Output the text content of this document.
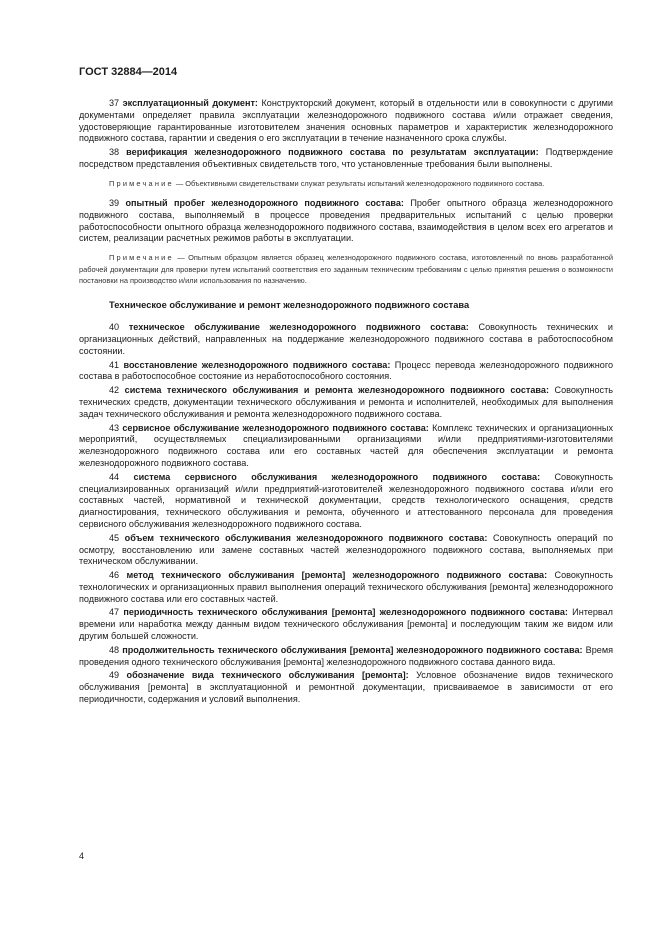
ГОСТ 32884—2014

37 эксплуатационный документ: Конструкторский документ, который в отдельности или в совокупности с другими документами определяет правила эксплуатации железнодорожного подвижного состава и/или отражает сведения, удостоверяющие гарантированные изготовителем значения основных параметров и характеристик железнодорожного подвижного состава, гарантии и сведения о его эксплуатации в течение назначенного срока службы.

38 верификация железнодорожного подвижного состава по результатам эксплуатации: Подтверждение посредством представления объективных свидетельств того, что установленные требования были выполнены.

Примечание — Объективными свидетельствами служат результаты испытаний железнодорожного подвижного состава.

39 опытный пробег железнодорожного подвижного состава: Пробег опытного образца железнодорожного подвижного состава, выполняемый в процессе проведения предварительных испытаний с целью проверки работоспособности опытного образца железнодорожного подвижного состава, взаимодействия в целом всех его агрегатов и систем, реализации расчетных режимов работы в эксплуатации.

Примечание — Опытным образцом является образец железнодорожного подвижного состава, изготовленный по вновь разработанной рабочей документации для проверки путем испытаний соответствия его заданным техническим требованиям с целью принятия решения о возможности постановки на производство и/или использования по назначению.

Техническое обслуживание и ремонт железнодорожного подвижного состава

40 техническое обслуживание железнодорожного подвижного состава: Совокупность технических и организационных действий, направленных на поддержание железнодорожного подвижного состава в работоспособном состоянии.

41 восстановление железнодорожного подвижного состава: Процесс перевода железнодорожного подвижного состава в работоспособное состояние из неработоспособного состояния.

42 система технического обслуживания и ремонта железнодорожного подвижного состава: Совокупность технических средств, документации технического обслуживания и ремонта и исполнителей, необходимых для выполнения задач технического обслуживания и ремонта железнодорожного подвижного состава.

43 сервисное обслуживание железнодорожного подвижного состава: Комплекс технических и организационных мероприятий, осуществляемых специализированными организациями и/или предприятиями-изготовителями железнодорожного подвижного состава или его составных частей для обеспечения эксплуатации и ремонта железнодорожного подвижного состава.

44 система сервисного обслуживания железнодорожного подвижного состава: Совокупность специализированных организаций и/или предприятий-изготовителей железнодорожного подвижного состава и/или его составных частей, нормативной и технической документации, средств технологического оснащения, средств диагностирования, технического обслуживания и ремонта, обученного и аттестованного персонала для проведения сервисного обслуживания железнодорожного подвижного состава.

45 объем технического обслуживания железнодорожного подвижного состава: Совокупность операций по осмотру, восстановлению или замене составных частей железнодорожного подвижного состава, выполняемых при техническом обслуживании.

46 метод технического обслуживания [ремонта] железнодорожного подвижного состава: Совокупность технологических и организационных правил выполнения операций технического обслуживания [ремонта] железнодорожного подвижного состава или его составных частей.

47 периодичность технического обслуживания [ремонта] железнодорожного подвижного состава: Интервал времени или наработка между данным видом технического обслуживания [ремонта] и последующим таким же видом или другим большей сложности.

48 продолжительность технического обслуживания [ремонта] железнодорожного подвижного состава: Время проведения одного технического обслуживания [ремонта] железнодорожного подвижного состава данного вида.

49 обозначение вида технического обслуживания [ремонта]: Условное обозначение видов технического обслуживания [ремонта] в эксплуатационной и ремонтной документации, присваиваемое в зависимости от его периодичности, содержания и условий выполнения.

4
